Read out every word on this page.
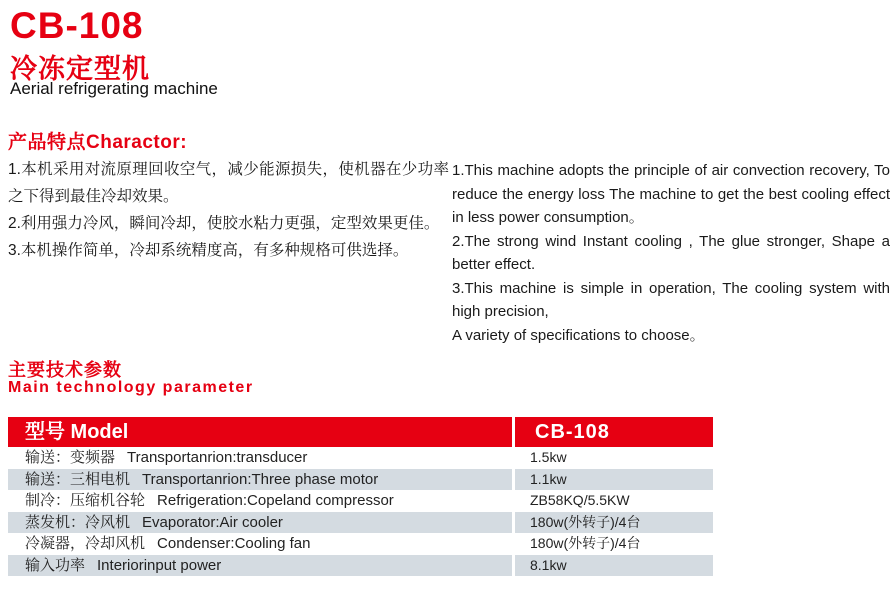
CB-108
冷冻定型机
Aerial refrigerating machine
产品特点Charactor:

1.本机采用对流原理回收空气，减少能源损失，使机器在少功率之下得到最佳冷却效果。

2.利用强力冷风，瞬间冷却，使胶水粘力更强，定型效果更佳。

3.本机操作简单，冷却系统精度高，有多种规格可供选择。

1.This machine adopts the principle of air convection recovery, To reduce the energy loss The machine to get the best cooling effect in less power consumption。

2.The strong wind Instant cooling , The glue stronger, Shape a better effect.

3.This machine is simple in operation, The cooling system with high precision,

A variety of specifications to choose。

主要技术参数
Main technology parameter
型号 Model	CB-108
输送：变频器 Transportanrion:transducer	1.5kw
输送：三相电机 Transportanrion:Three phase motor	1.1kw
制冷：压缩机谷轮 Refrigeration:Copeland compressor	ZB58KQ/5.5KW
蒸发机：冷风机 Evaporator:Air cooler	180w(外转子)/4台
冷凝器，冷却风机 Condenser:Cooling fan	180w(外转子)/4台
输入功率 Interiorinput power	8.1kw
